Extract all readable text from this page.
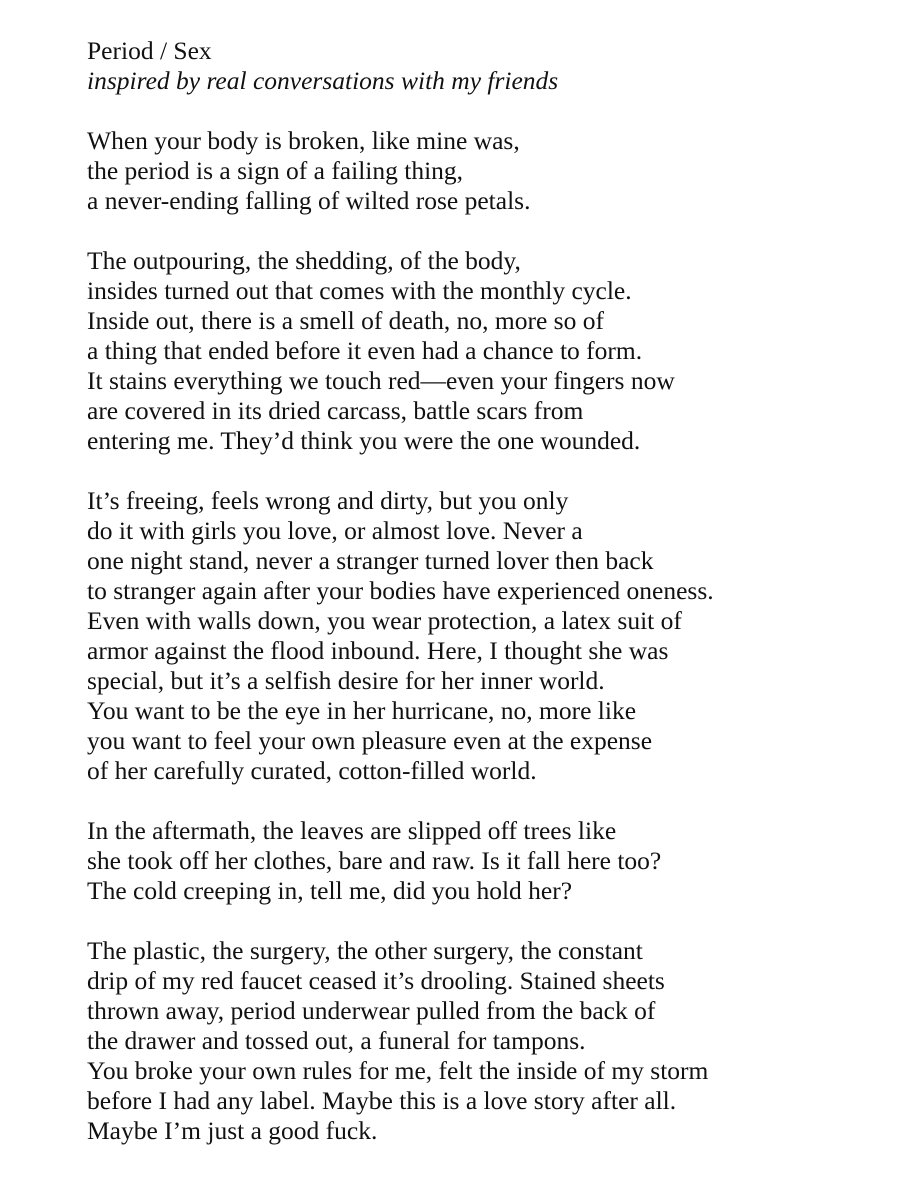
Period / Sex
inspired by real conversations with my friends
When your body is broken, like mine was,
the period is a sign of a failing thing,
a never-ending falling of wilted rose petals.
The outpouring, the shedding, of the body,
insides turned out that comes with the monthly cycle.
Inside out, there is a smell of death, no, more so of
a thing that ended before it even had a chance to form.
It stains everything we touch red—even your fingers now
are covered in its dried carcass, battle scars from
entering me. They’d think you were the one wounded.
It’s freeing, feels wrong and dirty, but you only
do it with girls you love, or almost love. Never a
one night stand, never a stranger turned lover then back
to stranger again after your bodies have experienced oneness.
Even with walls down, you wear protection, a latex suit of
armor against the flood inbound. Here, I thought she was
special, but it’s a selfish desire for her inner world.
You want to be the eye in her hurricane, no, more like
you want to feel your own pleasure even at the expense
of her carefully curated, cotton-filled world.
In the aftermath, the leaves are slipped off trees like
she took off her clothes, bare and raw. Is it fall here too?
The cold creeping in, tell me, did you hold her?
The plastic, the surgery, the other surgery, the constant
drip of my red faucet ceased it’s drooling. Stained sheets
thrown away, period underwear pulled from the back of
the drawer and tossed out, a funeral for tampons.
You broke your own rules for me, felt the inside of my storm
before I had any label. Maybe this is a love story after all.
Maybe I’m just a good fuck.
